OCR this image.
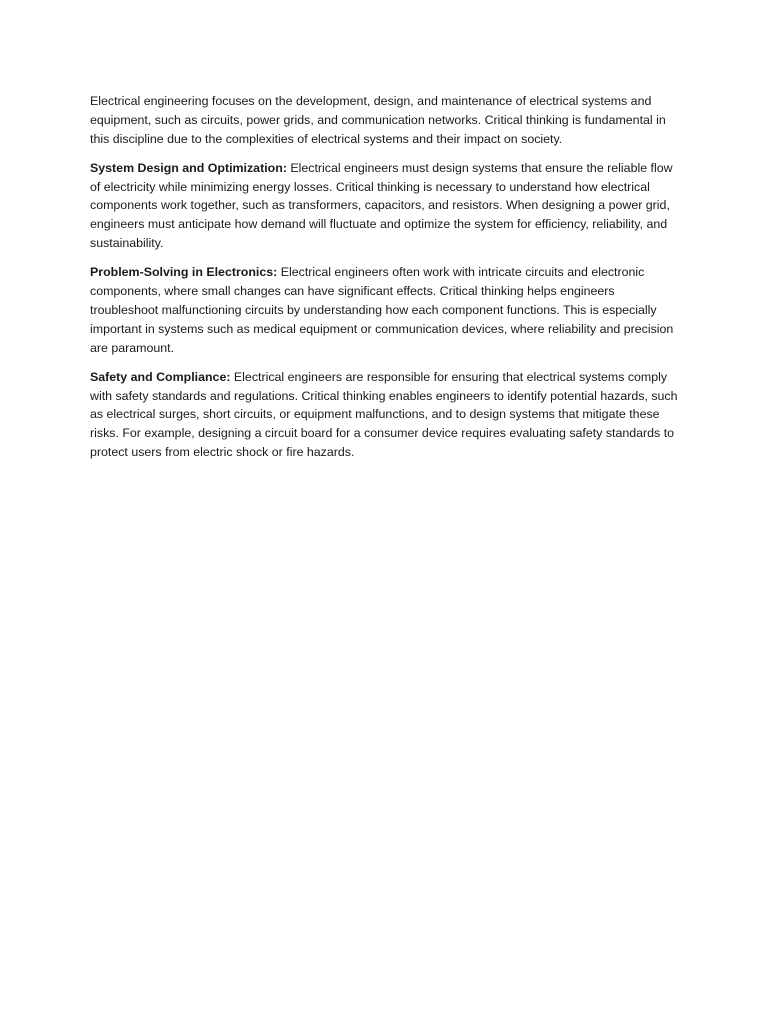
Electrical engineering focuses on the development, design, and maintenance of electrical systems and equipment, such as circuits, power grids, and communication networks. Critical thinking is fundamental in this discipline due to the complexities of electrical systems and their impact on society.

System Design and Optimization: Electrical engineers must design systems that ensure the reliable flow of electricity while minimizing energy losses. Critical thinking is necessary to understand how electrical components work together, such as transformers, capacitors, and resistors. When designing a power grid, engineers must anticipate how demand will fluctuate and optimize the system for efficiency, reliability, and sustainability.

Problem-Solving in Electronics: Electrical engineers often work with intricate circuits and electronic components, where small changes can have significant effects. Critical thinking helps engineers troubleshoot malfunctioning circuits by understanding how each component functions. This is especially important in systems such as medical equipment or communication devices, where reliability and precision are paramount.

Safety and Compliance: Electrical engineers are responsible for ensuring that electrical systems comply with safety standards and regulations. Critical thinking enables engineers to identify potential hazards, such as electrical surges, short circuits, or equipment malfunctions, and to design systems that mitigate these risks. For example, designing a circuit board for a consumer device requires evaluating safety standards to protect users from electric shock or fire hazards.
